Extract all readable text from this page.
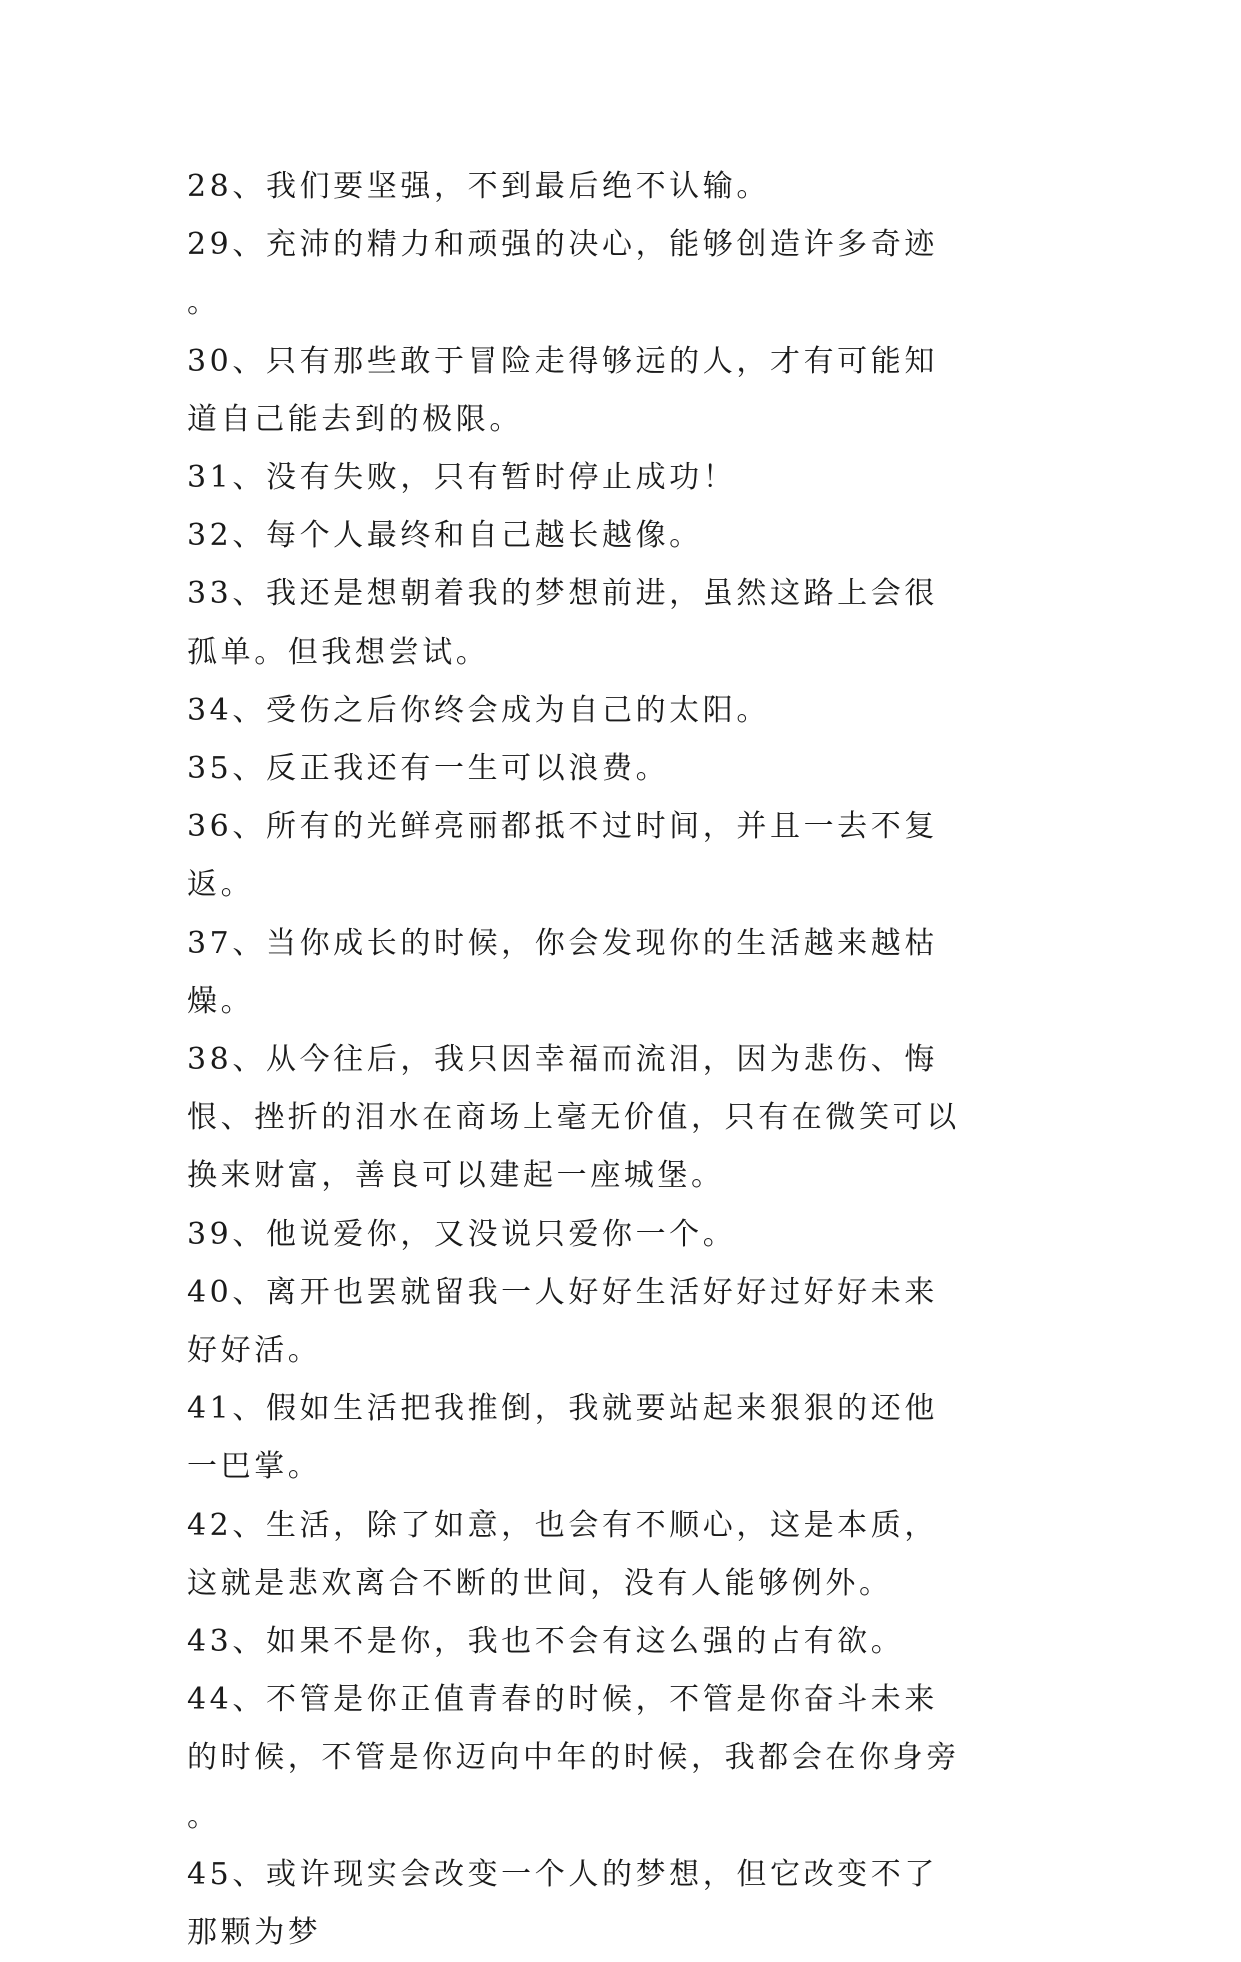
28、我们要坚强，不到最后绝不认输。

29、充沛的精力和顽强的决心，能够创造许多奇迹。

30、只有那些敢于冒险走得够远的人，才有可能知道自己能去到的极限。

31、没有失败，只有暂时停止成功！

32、每个人最终和自己越长越像。

33、我还是想朝着我的梦想前进，虽然这路上会很孤单。但我想尝试。

34、受伤之后你终会成为自己的太阳。

35、反正我还有一生可以浪费。

36、所有的光鲜亮丽都抵不过时间，并且一去不复返。

37、当你成长的时候，你会发现你的生活越来越枯燥。

38、从今往后，我只因幸福而流泪，因为悲伤、悔恨、挫折的泪水在商场上毫无价值，只有在微笑可以换来财富，善良可以建起一座城堡。

39、他说爱你，又没说只爱你一个。

40、离开也罢就留我一人好好生活好好过好好未来好好活。

41、假如生活把我推倒，我就要站起来狠狠的还他一巴掌。

42、生活，除了如意，也会有不顺心，这是本质，这就是悲欢离合不断的世间，没有人能够例外。

43、如果不是你，我也不会有这么强的占有欲。

44、不管是你正值青春的时候，不管是你奋斗未来的时候，不管是你迈向中年的时候，我都会在你身旁。

45、或许现实会改变一个人的梦想，但它改变不了那颗为梦
